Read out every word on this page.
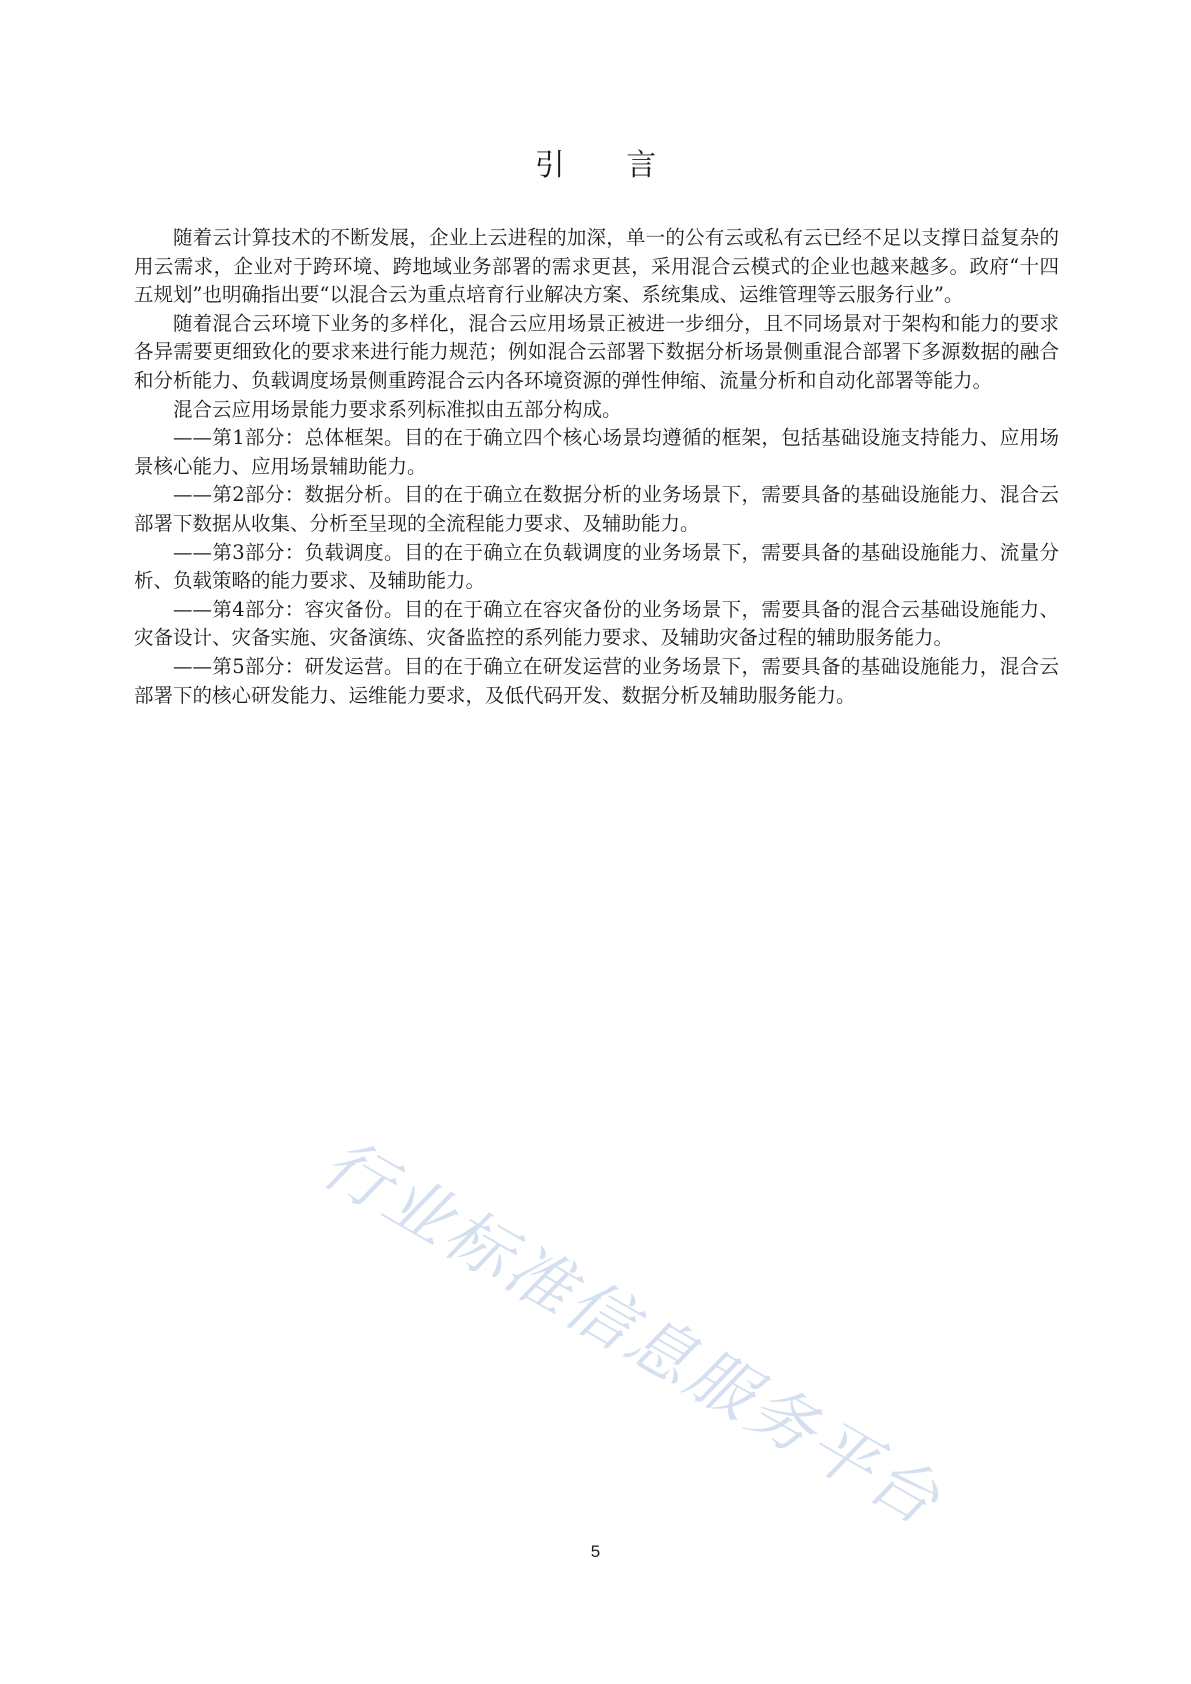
引 言

随着云计算技术的不断发展，企业上云进程的加深，单一的公有云或私有云已经不足以支撑日益复杂的用云需求，企业对于跨环境、跨地域业务部署的需求更甚，采用混合云模式的企业也越来越多。政府“十四五规划”也明确指出要“以混合云为重点培育行业解决方案、系统集成、运维管理等云服务行业”。

随着混合云环境下业务的多样化，混合云应用场景正被进一步细分，且不同场景对于架构和能力的要求各异需要更细致化的要求来进行能力规范；例如混合云部署下数据分析场景侧重混合部署下多源数据的融合和分析能力、负载调度场景侧重跨混合云内各环境资源的弹性伸缩、流量分析和自动化部署等能力。

混合云应用场景能力要求系列标准拟由五部分构成。

——第1部分：总体框架。目的在于确立四个核心场景均遵循的框架，包括基础设施支持能力、应用场景核心能力、应用场景辅助能力。

——第2部分：数据分析。目的在于确立在数据分析的业务场景下，需要具备的基础设施能力、混合云部署下数据从收集、分析至呈现的全流程能力要求、及辅助能力。

——第3部分：负载调度。目的在于确立在负载调度的业务场景下，需要具备的基础设施能力、流量分析、负载策略的能力要求、及辅助能力。

——第4部分：容灾备份。目的在于确立在容灾备份的业务场景下，需要具备的混合云基础设施能力、灾备设计、灾备实施、灾备演练、灾备监控的系列能力要求、及辅助灾备过程的辅助服务能力。

——第5部分：研发运营。目的在于确立在研发运营的业务场景下，需要具备的基础设施能力，混合云部署下的核心研发能力、运维能力要求，及低代码开发、数据分析及辅助服务能力。

行业标准信息服务平台
5
